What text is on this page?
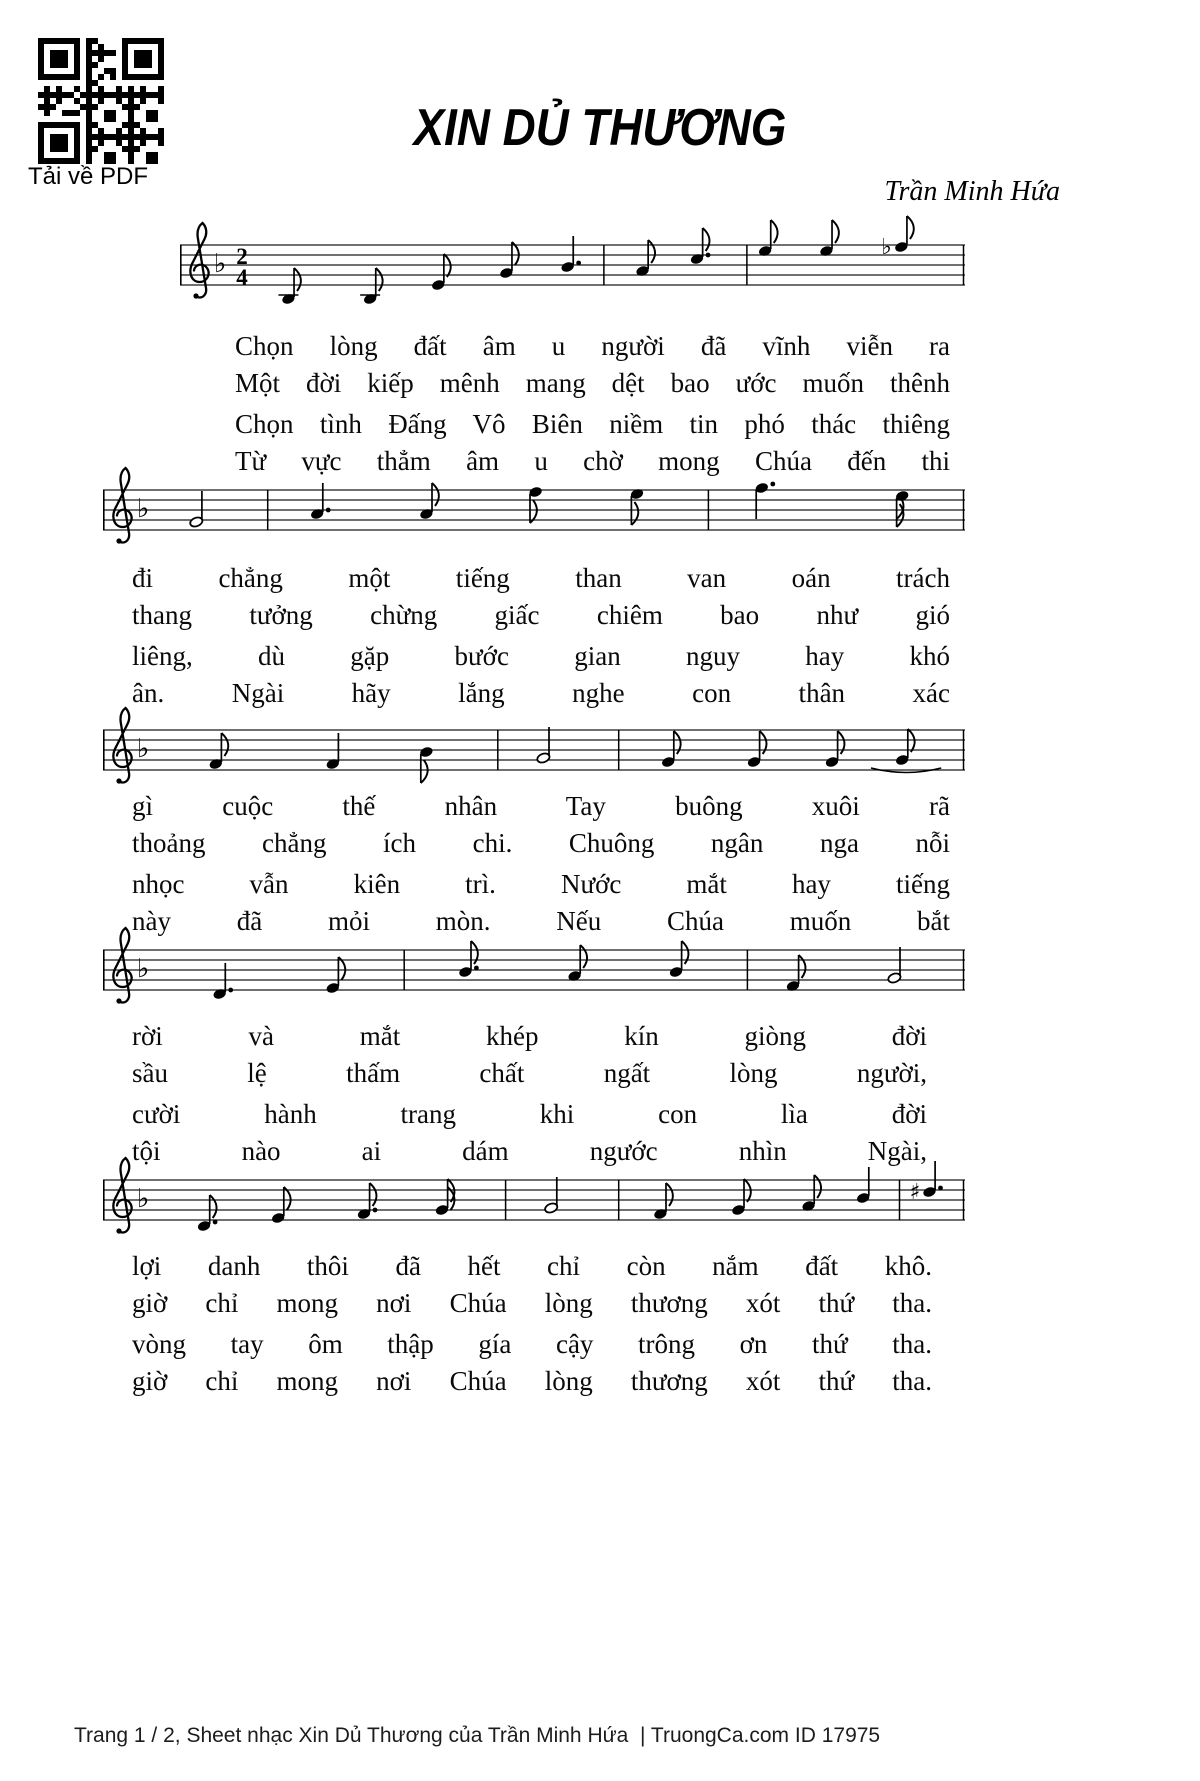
Tải về PDF
XIN DỦ THƯƠNG
Trần Minh Hứa
♭ 2
4
♭
Chọn lòng đất âm u người đã vĩnh viễn ra
Một đời kiếp mênh mang dệt bao ước muốn thênh
Chọn tình Đấng Vô Biên niềm tin phó thác thiêng
Từ vực thẳm âm u chờ mong Chúa đến thi
♭
đi chẳng một tiếng than van oán trách
thang tưởng chừng giấc chiêm bao như gió
liêng, dù gặp bước gian nguy hay khó
ân. Ngài hãy lắng nghe con thân xác
♭
gì cuộc thế nhân Tay buông xuôi rã
thoảng chẳng ích chi. Chuông ngân nga nỗi
nhọc vẫn kiên trì. Nước mắt hay tiếng
này đã mỏi mòn. Nếu Chúa muốn bắt
♭
rời và mắt khép kín giòng đời
sầu lệ thấm chất ngất lòng người,
cười hành trang khi con lìa đời
tội nào ai dám ngước nhìn Ngài,
♭	♯
lợi danh thôi đã hết chỉ còn nắm đất khô.
giờ chỉ mong nơi Chúa lòng thương xót thứ tha.
vòng tay ôm thập gía cậy trông ơn thứ tha.
giờ chỉ mong nơi Chúa lòng thương xót thứ tha.
Trang 1 / 2, Sheet nhạc Xin Dủ Thương của Trần Minh Hứa  | TruongCa.com ID 17975
